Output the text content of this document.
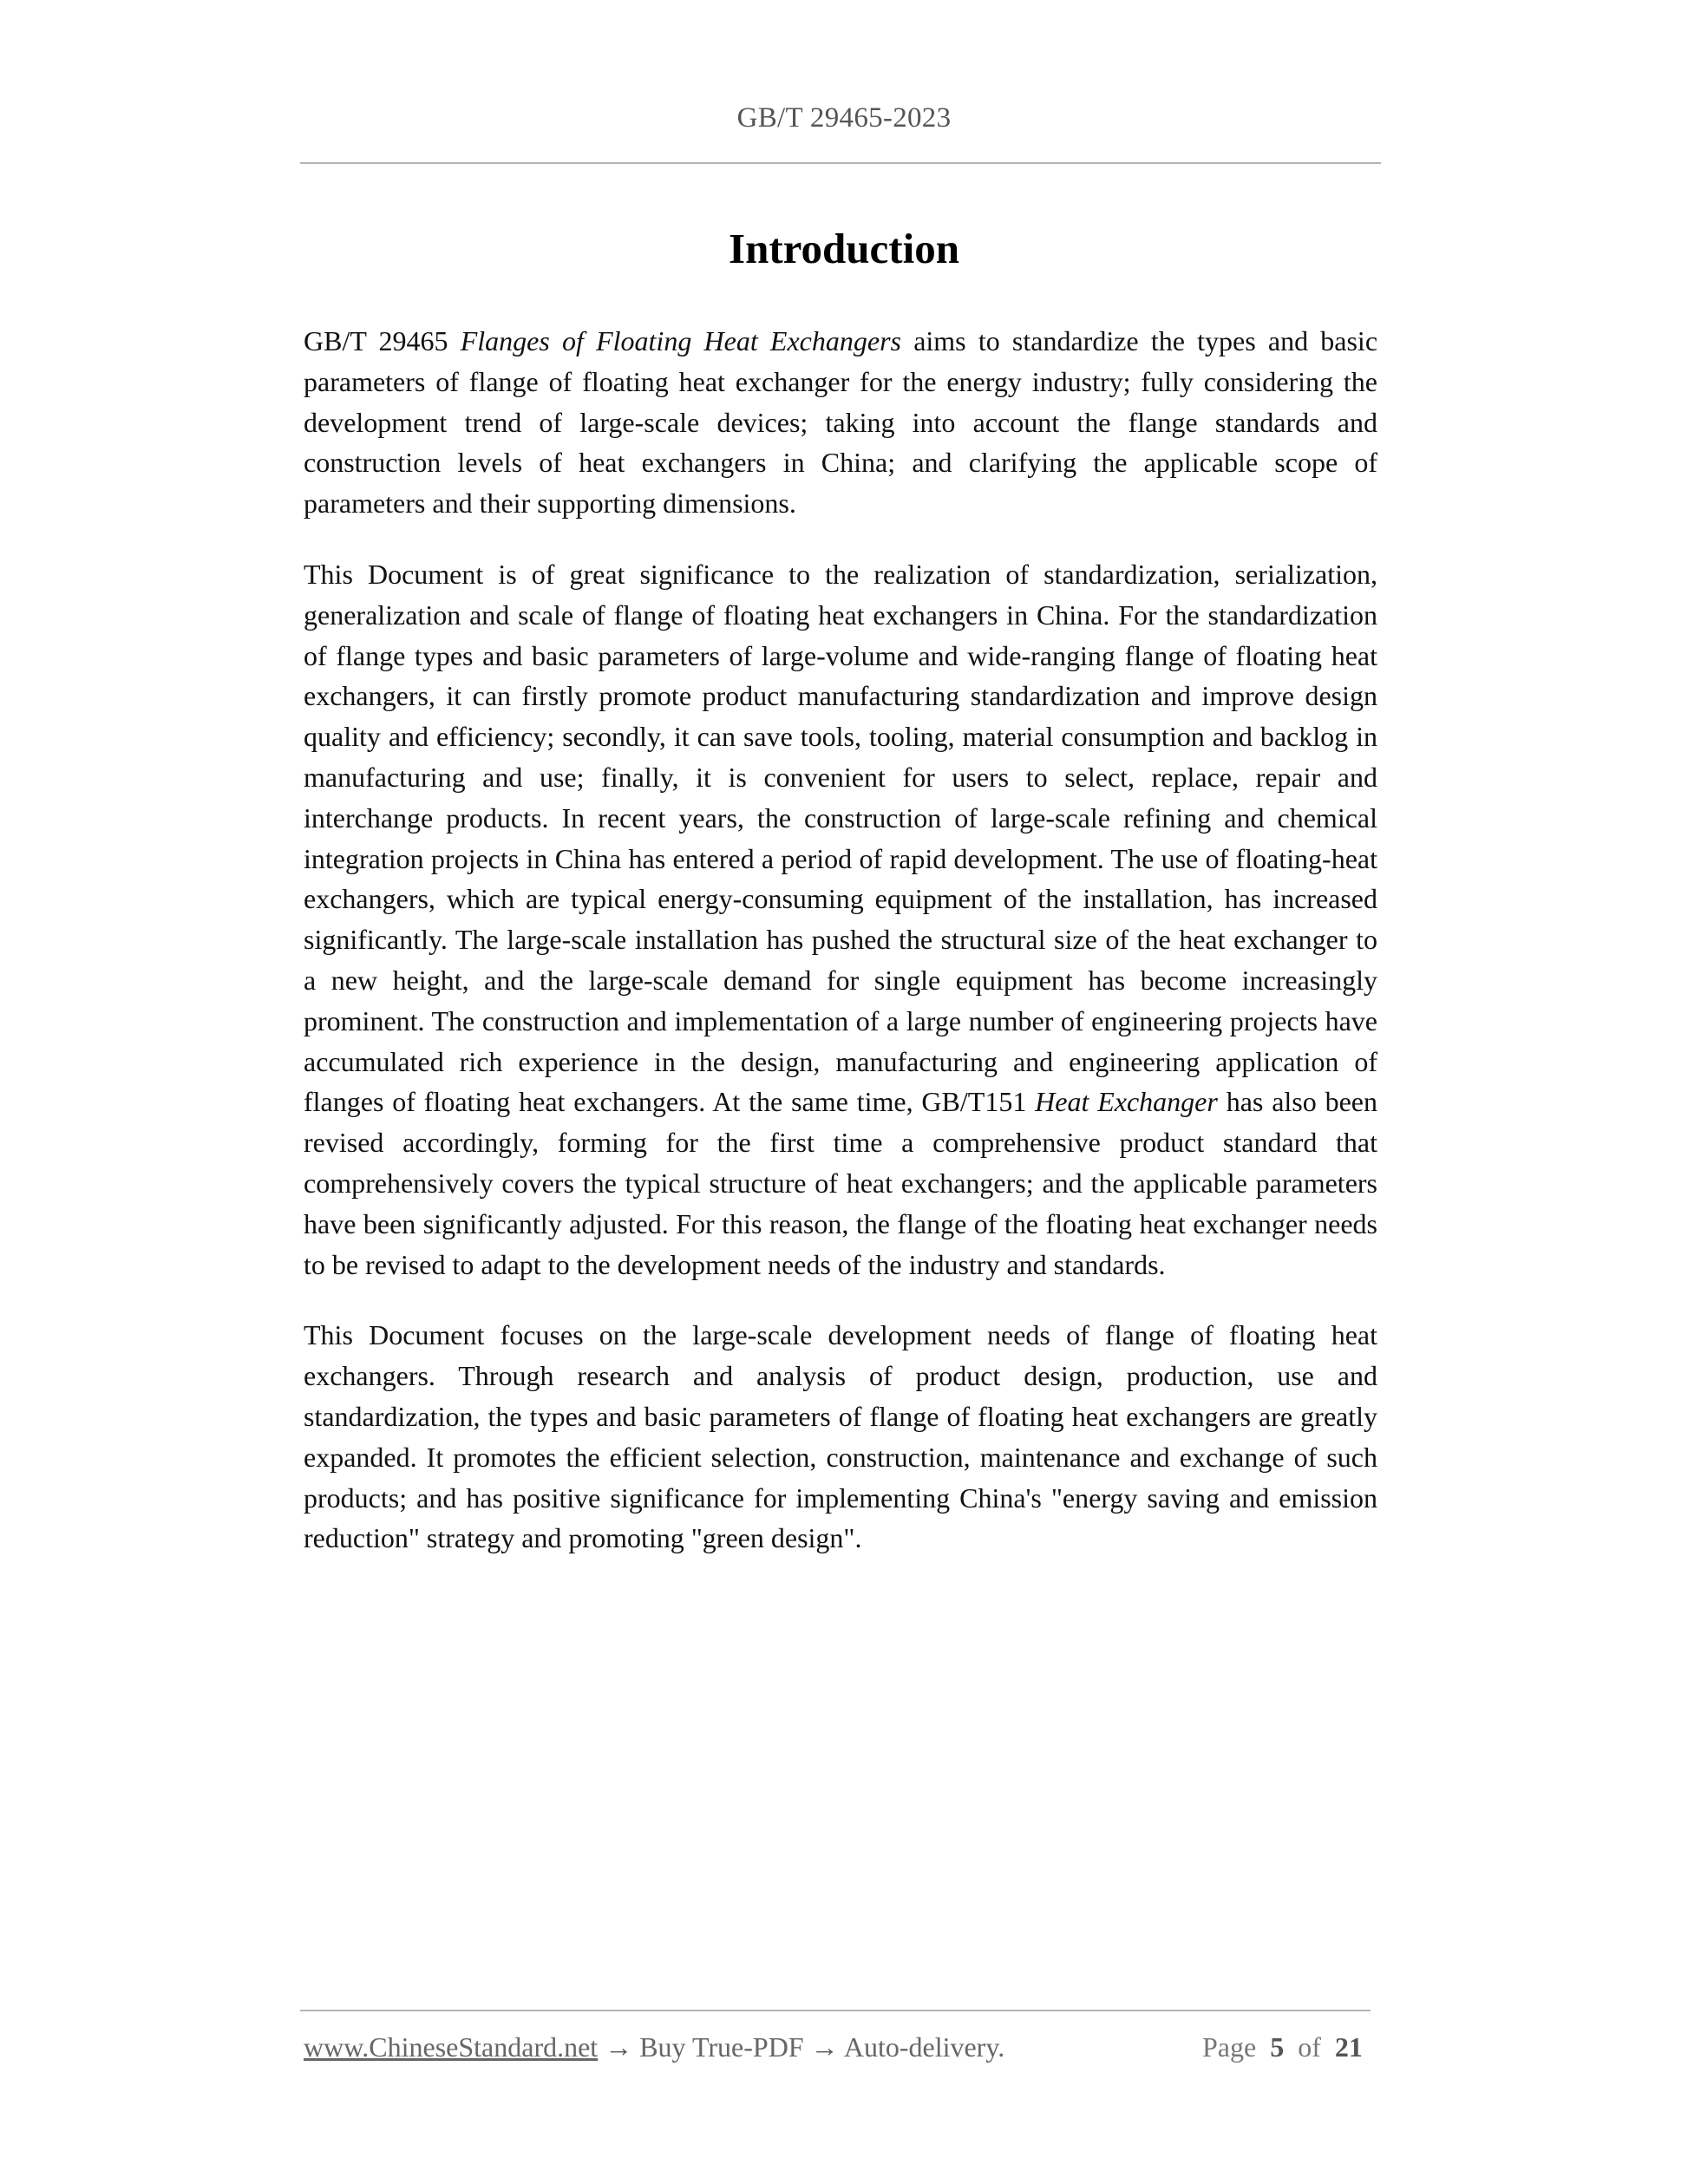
GB/T 29465-2023
Introduction

GB/T 29465 Flanges of Floating Heat Exchangers aims to standardize the types and basic parameters of flange of floating heat exchanger for the energy industry; fully considering the development trend of large-scale devices; taking into account the flange standards and construction levels of heat exchangers in China; and clarifying the applicable scope of parameters and their supporting dimensions.

This Document is of great significance to the realization of standardization, serialization, generalization and scale of flange of floating heat exchangers in China. For the standardization of flange types and basic parameters of large-volume and wide-ranging flange of floating heat exchangers, it can firstly promote product manufacturing standardization and improve design quality and efficiency; secondly, it can save tools, tooling, material consumption and backlog in manufacturing and use; finally, it is convenient for users to select, replace, repair and interchange products. In recent years, the construction of large-scale refining and chemical integration projects in China has entered a period of rapid development. The use of floating-heat exchangers, which are typical energy-consuming equipment of the installation, has increased significantly. The large-scale installation has pushed the structural size of the heat exchanger to a new height, and the large-scale demand for single equipment has become increasingly prominent. The construction and implementation of a large number of engineering projects have accumulated rich experience in the design, manufacturing and engineering application of flanges of floating heat exchangers. At the same time, GB/T151 Heat Exchanger has also been revised accordingly, forming for the first time a comprehensive product standard that comprehensively covers the typical structure of heat exchangers; and the applicable parameters have been significantly adjusted. For this reason, the flange of the floating heat exchanger needs to be revised to adapt to the development needs of the industry and standards.

This Document focuses on the large-scale development needs of flange of floating heat exchangers. Through research and analysis of product design, production, use and standardization, the types and basic parameters of flange of floating heat exchangers are greatly expanded. It promotes the efficient selection, construction, maintenance and exchange of such products; and has positive significance for implementing China's "energy saving and emission reduction" strategy and promoting "green design".

www.ChineseStandard.net → Buy True-PDF → Auto-delivery.	Page 5 of 21
